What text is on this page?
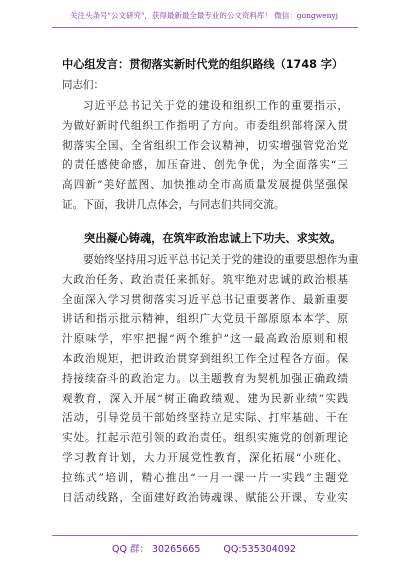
关注头条号"公文研究"，获得最新最全最专业的公文资料库！ 微信：gongwenyj
中心组发言：贯彻落实新时代党的组织路线（1748 字）
同志们：
习近平总书记关于党的建设和组织工作的重要指示，
为做好新时代组织工作指明了方向。市委组织部将深入贯
彻落实全国、全省组织工作会议精神，切实增强管党治党
的责任感使命感，加压奋进、创先争优，为全面落实“三
高四新”美好蓝图、加快推动全市高质量发展提供坚强保
证。下面，我讲几点体会，与同志们共同交流。
突出凝心铸魂，在筑牢政治忠诚上下功夫、求实效。
要始终坚持用习近平总书记关于党的建设的重要思想作为重
大政治任务、政治责任来抓好。筑牢绝对忠诚的政治根基
全面深入学习贯彻落实习近平总书记重要著作、最新重要
讲话和指示批示精神，组织广大党员干部原原本本学、原
汁原味学，牢牢把握“两个维护”这一最高政治原则和根
本政治规矩，把讲政治贯穿到组织工作全过程各方面。保
持接续奋斗的政治定力。以主题教育为契机加强正确政绩
观教育，深入开展“树正确政绩观、建为民新业绩”实践
活动，引导党员干部始终坚持立足实际、打牢基础、干在
实处。扛起示范引领的政治责任。组织实施党的创新理论
学习教育计划，大力开展党性教育，深化拓展“小班化、
拉练式”培训，精心推出“一月一课一片一实践”主题党
日活动线路，全面建好政治铸魂课、赋能公开课、专业实
QQ 群： 30265665 QQ:535304092
